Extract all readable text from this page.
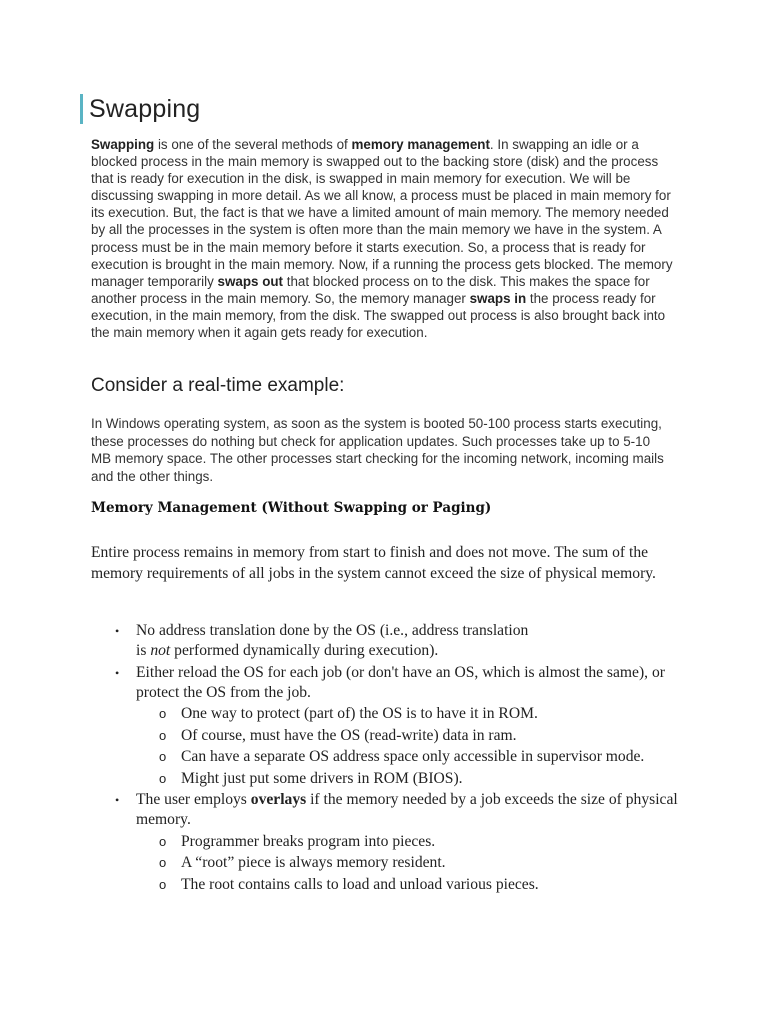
Swapping
Swapping is one of the several methods of memory management. In swapping an idle or a blocked process in the main memory is swapped out to the backing store (disk) and the process that is ready for execution in the disk, is swapped in main memory for execution. We will be discussing swapping in more detail. As we all know, a process must be placed in main memory for its execution. But, the fact is that we have a limited amount of main memory. The memory needed by all the processes in the system is often more than the main memory we have in the system. A process must be in the main memory before it starts execution. So, a process that is ready for execution is brought in the main memory. Now, if a running the process gets blocked. The memory manager temporarily swaps out that blocked process on to the disk. This makes the space for another process in the main memory. So, the memory manager swaps in the process ready for execution, in the main memory, from the disk. The swapped out process is also brought back into the main memory when it again gets ready for execution.
Consider a real-time example:
In Windows operating system, as soon as the system is booted 50-100 process starts executing, these processes do nothing but check for application updates. Such processes take up to 5-10 MB memory space. The other processes start checking for the incoming network, incoming mails and the other things.
Memory Management (Without Swapping or Paging)
Entire process remains in memory from start to finish and does not move. The sum of the memory requirements of all jobs in the system cannot exceed the size of physical memory.
• No address translation done by the OS (i.e., address translation
is not performed dynamically during execution).
• Either reload the OS for each job (or don't have an OS, which is almost the same), or protect the OS from the job.
o One way to protect (part of) the OS is to have it in ROM.
o Of course, must have the OS (read-write) data in ram.
o Can have a separate OS address space only accessible in supervisor mode.
o Might just put some drivers in ROM (BIOS).
• The user employs overlays if the memory needed by a job exceeds the size of physical memory.
o Programmer breaks program into pieces.
o A “root” piece is always memory resident.
o The root contains calls to load and unload various pieces.
